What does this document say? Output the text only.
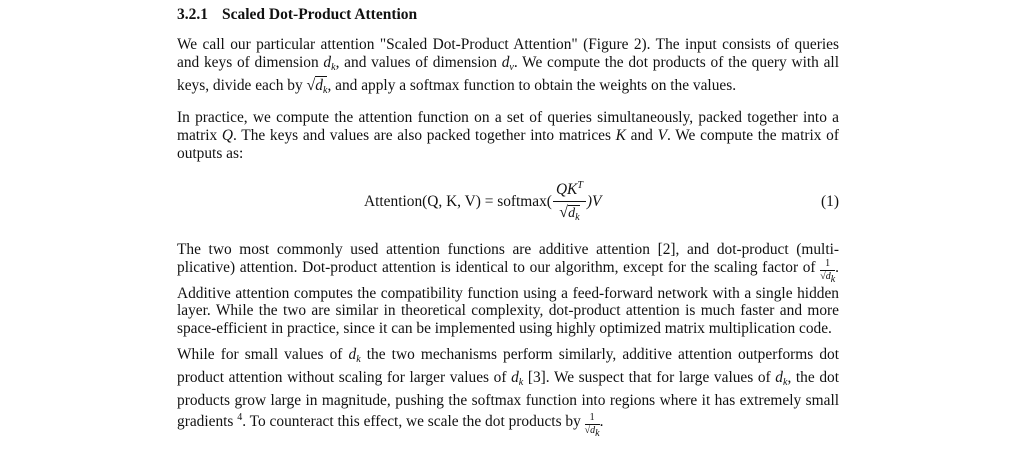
3.2.1 Scaled Dot-Product Attention

We call our particular attention "Scaled Dot-Product Attention" (Figure 2). The input consists of queries and keys of dimension $d_k$, and values of dimension $d_v$. We compute the dot products of the query with all keys, divide each by $√d_k$, and apply a softmax function to obtain the weights on the values.

In practice, we compute the attention function on a set of queries simultaneously, packed together into a matrix Q. The keys and values are also packed together into matrices K and V. We compute the matrix of outputs as:

Attention(Q, K, V) = softmax( $\frac{QK^T}{√d_k} )V$	(1)

The two most commonly used attention functions are additive attention [2], and dot-product (multi-plicative) attention. Dot-product attention is identical to our algorithm, except for the scaling factor of $\frac{1}{√dk}$ . Additive attention computes the compatibility function using a feed-forward network with a single hidden layer. While the two are similar in theoretical complexity, dot-product attention is much faster and more space-efficient in practice, since it can be implemented using highly optimized matrix multiplication code.

While for small values of $d_k$ the two mechanisms perform similarly, additive attention outperforms dot product attention without scaling for larger values of $d_k$ [3]. We suspect that for large values of $d_k$, the dot products grow large in magnitude, pushing the softmax function into regions where it has extremely small gradients $^4$. To counteract this effect, we scale the dot products by $\frac{1}{√dk}$ .
